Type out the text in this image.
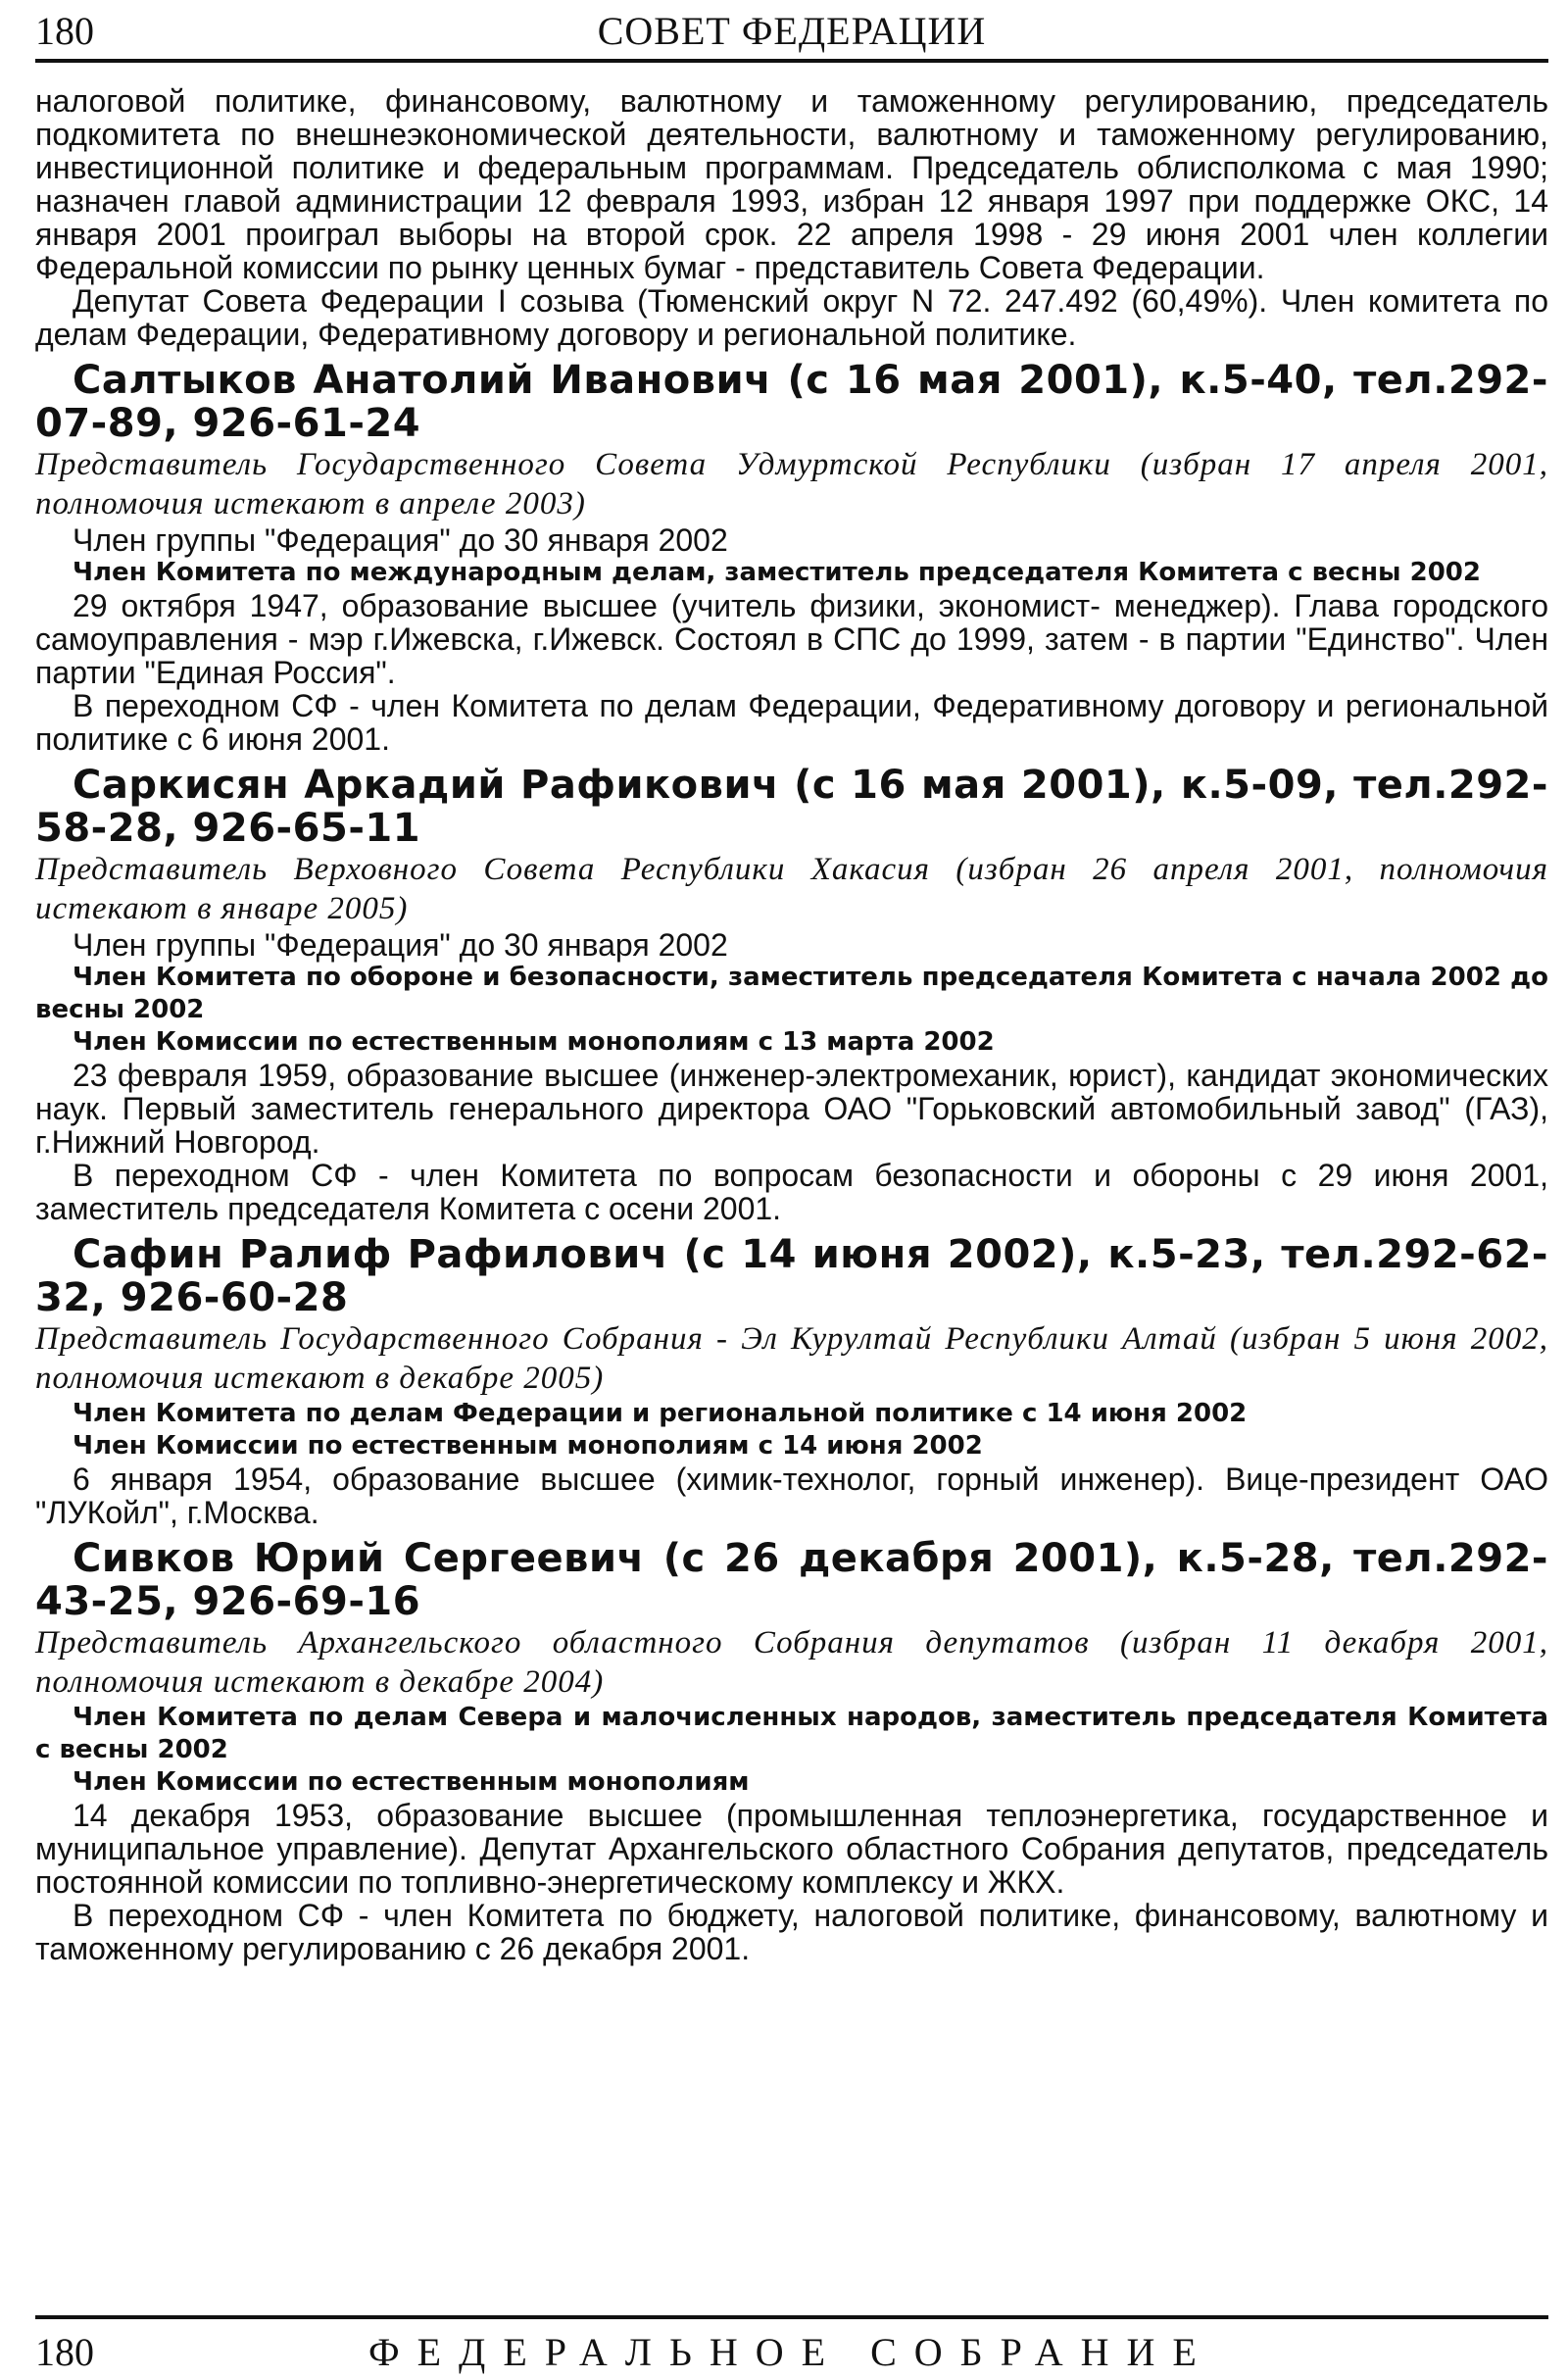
180	СОВЕТ ФЕДЕРАЦИИ

налоговой политике, финансовому, валютному и таможенному регулированию, председатель подкомитета по внешнеэкономической деятельности, валютному и таможенному регулированию, инвестиционной политике и федеральным программам. Председатель облисполкома с мая 1990; назначен главой администрации 12 февраля 1993, избран 12 января 1997 при поддержке ОКС, 14 января 2001 проиграл выборы на второй срок. 22 апреля 1998 - 29 июня 2001 член коллегии Федеральной комиссии по рынку ценных бумаг - представитель Совета Федерации.

Депутат Совета Федерации I созыва (Тюменский округ N 72. 247.492 (60,49%). Член комитета по делам Федерации, Федеративному договору и региональной политике.

Салтыков Анатолий Иванович (с 16 мая 2001), к.5-40, тел.292-07-89, 926-61-24

Представитель Государственного Совета Удмуртской Республики (избран 17 апреля 2001, полномочия истекают в апреле 2003)

Член группы "Федерация" до 30 января 2002

Член Комитета по международным делам, заместитель председателя Комитета с весны 2002

29 октября 1947, образование высшее (учитель физики, экономист- менеджер). Глава городского самоуправления - мэр г.Ижевска, г.Ижевск. Состоял в СПС до 1999, затем - в партии "Единство". Член партии "Единая Россия".

В переходном СФ - член Комитета по делам Федерации, Федеративному договору и региональной политике с 6 июня 2001.

Саркисян Аркадий Рафикович (с 16 мая 2001), к.5-09, тел.292-58-28, 926-65-11

Представитель Верховного Совета Республики Хакасия (избран 26 апреля 2001, полномочия истекают в январе 2005)

Член группы "Федерация" до 30 января 2002

Член Комитета по обороне и безопасности, заместитель председателя Комитета с начала 2002 до весны 2002

Член Комиссии по естественным монополиям с 13 марта 2002

23 февраля 1959, образование высшее (инженер-электромеханик, юрист), кандидат экономических наук. Первый заместитель генерального директора ОАО "Горьковский автомобильный завод" (ГАЗ), г.Нижний Новгород.

В переходном СФ - член Комитета по вопросам безопасности и обороны с 29 июня 2001, заместитель председателя Комитета с осени 2001.

Сафин Ралиф Рафилович (с 14 июня 2002), к.5-23, тел.292-62-32, 926-60-28

Представитель Государственного Собрания - Эл Курултай Республики Алтай (избран 5 июня 2002, полномочия истекают в декабре 2005)

Член Комитета по делам Федерации и региональной политике с 14 июня 2002

Член Комиссии по естественным монополиям с 14 июня 2002

6 января 1954, образование высшее (химик-технолог, горный инженер). Вице-президент ОАО "ЛУКойл", г.Москва.

Сивков Юрий Сергеевич (с 26 декабря 2001), к.5-28, тел.292-43-25, 926-69-16

Представитель Архангельского областного Собрания депутатов (избран 11 декабря 2001, полномочия истекают в декабре 2004)

Член Комитета по делам Севера и малочисленных народов, заместитель председателя Комитета с весны 2002

Член Комиссии по естественным монополиям

14 декабря 1953, образование высшее (промышленная теплоэнергетика, государственное и муниципальное управление). Депутат Архангельского областного Собрания депутатов, председатель постоянной комиссии по топливно-энергетическому комплексу и ЖКХ.

В переходном СФ - член Комитета по бюджету, налоговой политике, финансовому, валютному и таможенному регулированию с 26 декабря 2001.

180	ФЕДЕРАЛЬНОЕ СОБРАНИЕ
